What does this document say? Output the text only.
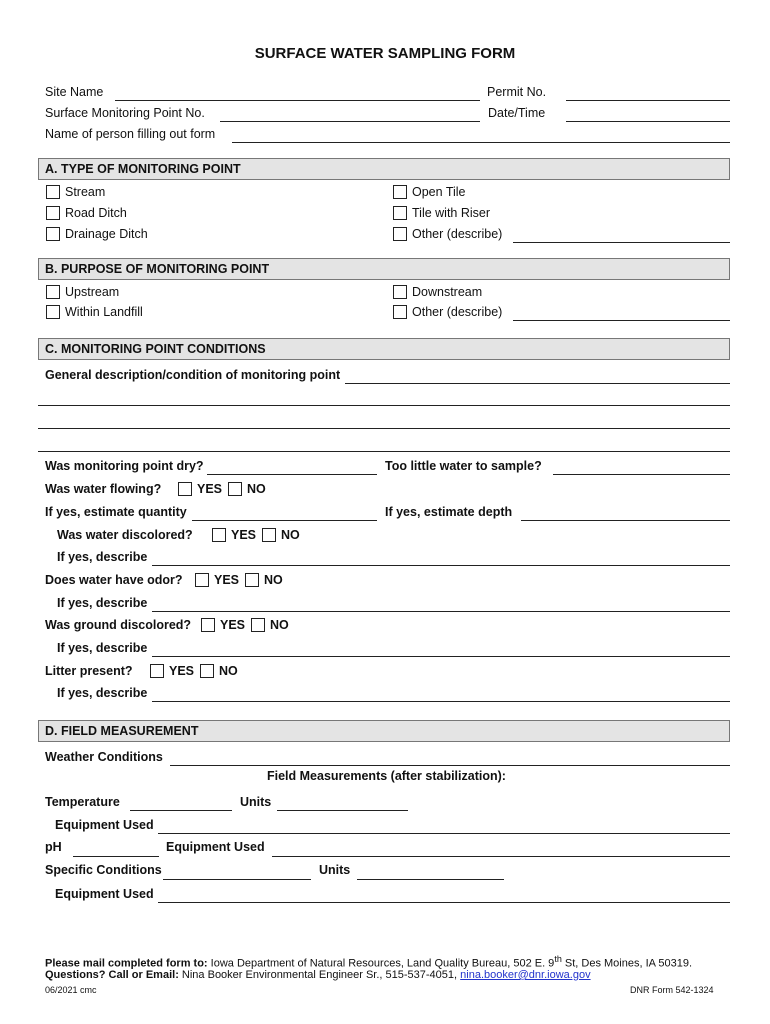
SURFACE WATER SAMPLING FORM
Site Name	Permit No.
Surface Monitoring Point No.	Date/Time
Name of person filling out form
A. TYPE OF MONITORING POINT
Stream
Road Ditch
Drainage Ditch
Open Tile
Tile with Riser
Other (describe)
B. PURPOSE OF MONITORING POINT
Upstream
Within Landfill
Downstream
Other (describe)
C. MONITORING POINT CONDITIONS
General description/condition of monitoring point
Was monitoring point dry?	Too little water to sample?
Was water flowing?	YES NO
If yes, estimate quantity	If yes, estimate depth
Was water discolored?	YES NO
If yes, describe
Does water have odor?	YES NO
If yes, describe
Was ground discolored? YES NO
If yes, describe
Litter present?	YES NO
If yes, describe
D. FIELD MEASUREMENT
Weather Conditions
Field Measurements (after stabilization):
Temperature	Units
Equipment Used
pH	Equipment Used
Specific Conditions	Units
Equipment Used
Please mail completed form to: Iowa Department of Natural Resources, Land Quality Bureau, 502 E. 9th St, Des Moines, IA 50319.
Questions? Call or Email: Nina Booker Environmental Engineer Sr., 515-537-4051, nina.booker@dnr.iowa.gov
06/2021 cmc	DNR Form 542-1324
